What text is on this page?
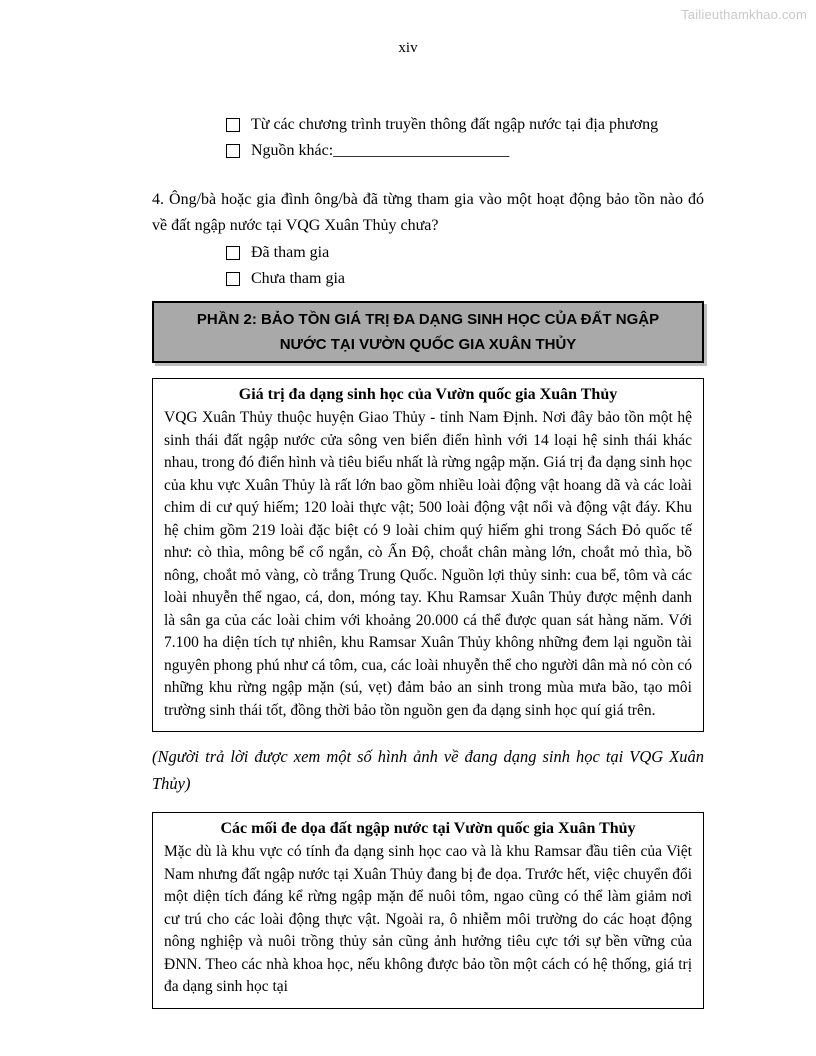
Tailieuthamkhao.com
xiv
Từ các chương trình truyền thông đất ngập nước tại địa phương
Nguồn khác:______________________
4. Ông/bà hoặc gia đình ông/bà đã từng tham gia vào một hoạt động bảo tồn nào đó về đất ngập nước tại VQG Xuân Thủy chưa?
Đã tham gia
Chưa tham gia
PHẦN 2: BẢO TỒN GIÁ TRỊ ĐA DẠNG SINH HỌC CỦA ĐẤT NGẬP
NƯỚC TẠI VƯỜN QUỐC GIA XUÂN THỦY
Giá trị đa dạng sinh học của Vườn quốc gia Xuân Thủy
VQG Xuân Thủy thuộc huyện Giao Thủy - tỉnh Nam Định. Nơi đây bảo tồn một hệ sinh thái đất ngập nước cửa sông ven biển điển hình với 14 loại hệ sinh thái khác nhau, trong đó điển hình và tiêu biểu nhất là rừng ngập mặn. Giá trị đa dạng sinh học của khu vực Xuân Thủy là rất lớn bao gồm nhiều loài động vật hoang dã và các loài chim di cư quý hiếm; 120 loài thực vật; 500 loài động vật nổi và động vật đáy. Khu hệ chim gồm 219 loài đặc biệt có 9 loài chim quý hiếm ghi trong Sách Đỏ quốc tế như: cò thìa, mông bể cổ ngắn, cò Ấn Độ, choắt chân màng lớn, choắt mỏ thìa, bồ nông, choắt mỏ vàng, cò trắng Trung Quốc. Nguồn lợi thủy sinh: cua bể, tôm và các loài nhuyễn thể ngao, cá, don, móng tay. Khu Ramsar Xuân Thủy được mệnh danh là sân ga của các loài chim với khoảng 20.000 cá thể được quan sát hàng năm. Với 7.100 ha diện tích tự nhiên, khu Ramsar Xuân Thủy không những đem lại nguồn tài nguyên phong phú như cá tôm, cua, các loài nhuyễn thể cho người dân mà nó còn có những khu rừng ngập mặn (sú, vẹt) đảm bảo an sinh trong mùa mưa bão, tạo môi trường sinh thái tốt, đồng thời bảo tồn nguồn gen đa dạng sinh học quí giá trên.
(Người trả lời được xem một số hình ảnh về đang dạng sinh học tại VQG Xuân Thủy)
Các mối đe dọa đất ngập nước tại Vườn quốc gia Xuân Thủy
Mặc dù là khu vực có tính đa dạng sinh học cao và là khu Ramsar đầu tiên của Việt Nam nhưng đất ngập nước tại Xuân Thủy đang bị đe dọa. Trước hết, việc chuyển đổi một diện tích đáng kể rừng ngập mặn để nuôi tôm, ngao cũng có thể làm giảm nơi cư trú cho các loài động thực vật. Ngoài ra, ô nhiễm môi trường do các hoạt động nông nghiệp và nuôi trồng thủy sản cũng ảnh hưởng tiêu cực tới sự bền vững của ĐNN. Theo các nhà khoa học, nếu không được bảo tồn một cách có hệ thống, giá trị đa dạng sinh học tại
